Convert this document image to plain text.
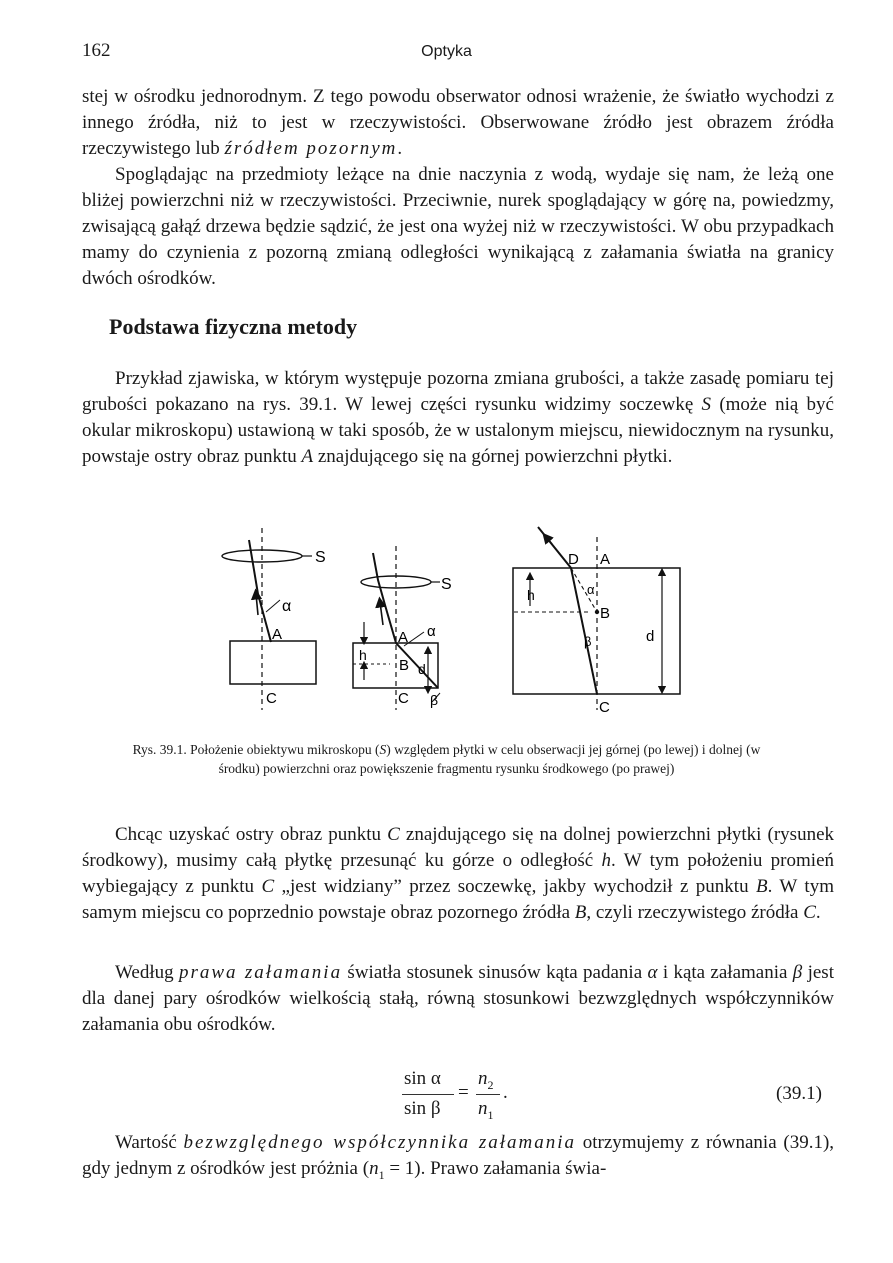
162	Optyka

stej w ośrodku jednorodnym. Z tego powodu obserwator odnosi wrażenie, że światło wychodzi z innego źródła, niż to jest w rzeczywistości. Obserwowane źródło jest obrazem źródła rzeczywistego lub źródłem pozornym.

Spoglądając na przedmioty leżące na dnie naczynia z wodą, wydaje się nam, że leżą one bliżej powierzchni niż w rzeczywistości. Przeciwnie, nurek spoglądający w górę na, powiedzmy, zwisającą gałąź drzewa będzie sądzić, że jest ona wyżej niż w rzeczywistości. W obu przypadkach mamy do czynienia z pozorną zmianą odległości wynikającą z załamania światła na granicy dwóch ośrodków.

Podstawa fizyczna metody

Przykład zjawiska, w którym występuje pozorna zmiana grubości, a także zasadę pomiaru tej grubości pokazano na rys. 39.1. W lewej części rysunku widzimy soczewkę S (może nią być okular mikroskopu) ustawioną w taki sposób, że w ustalonym miejscu, niewidocznym na rysunku, powstaje ostry obraz punktu A znajdującego się na górnej powierzchni płytki.

S
α
A
C
S
A α
h
B d
C β
D A
α
h
B
d
β
C

Rys. 39.1. Położenie obiektywu mikroskopu (S) względem płytki w celu obserwacji jej górnej (po lewej) i dolnej (w środku) powierzchni oraz powiększenie fragmentu rysunku środkowego (po prawej)

Chcąc uzyskać ostry obraz punktu C znajdującego się na dolnej powierzchni płytki (rysunek środkowy), musimy całą płytkę przesunąć ku górze o odległość h. W tym położeniu promień wybiegający z punktu C „jest widziany” przez soczewkę, jakby wychodził z punktu B. W tym samym miejscu co poprzednio powstaje obraz pozornego źródła B, czyli rzeczywistego źródła C.

Według prawa załamania światła stosunek sinusów kąta padania α i kąta załamania β jest dla danej pary ośrodków wielkością stałą, równą stosunkowi bezwzględnych współczynników załamania obu ośrodków.

sin α
sin β
=
$n_2$
$n_1$
.	(39.1)

Wartość bezwzględnego współczynnika załamania otrzymujemy z równania (39.1), gdy jednym z ośrodków jest próżnia $(n_1 = 1)$. Prawo załamania świa-
